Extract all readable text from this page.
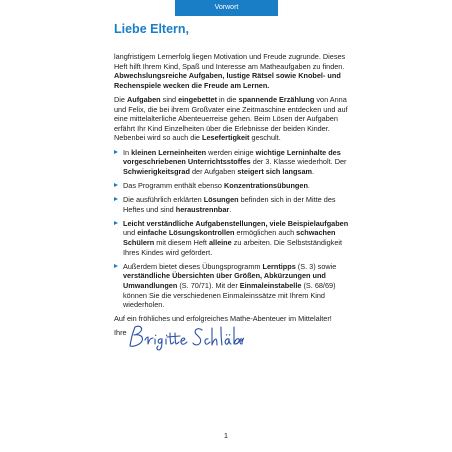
Vorwort
Liebe Eltern,

langfristigem Lernerfolg liegen Motivation und Freude zugrunde. Dieses Heft hilft Ihrem Kind, Spaß und Interesse am Matheaufgaben zu finden. Abwechslungsreiche Aufgaben, lustige Rätsel sowie Knobel- und Rechenspiele wecken die Freude am Lernen.

Die Aufgaben sind eingebettet in die spannende Erzählung von Anna und Felix, die bei ihrem Großvater eine Zeitmaschine entdecken und auf eine mittelalterliche Abenteuerreise gehen. Beim Lösen der Aufgaben erfährt Ihr Kind Einzelheiten über die Erlebnisse der beiden Kinder. Nebenbei wird so auch die Lesefertigkeit geschult.

In kleinen Lerneinheiten werden einige wichtige Lerninhalte des vorgeschriebenen Unterrichtsstoffes der 3. Klasse wiederholt. Der Schwierigkeitsgrad der Aufgaben steigert sich langsam.
Das Programm enthält ebenso Konzentrationsübungen.
Die ausführlich erklärten Lösungen befinden sich in der Mitte des Heftes und sind heraustrennbar.
Leicht verständliche Aufgabenstellungen, viele Beispielaufgaben und einfache Lösungskontrollen ermöglichen auch schwachen Schülern mit diesem Heft alleine zu arbeiten. Die Selbstständigkeit Ihres Kindes wird gefördert.
Außerdem bietet dieses Übungsprogramm Lerntipps (S. 3) sowie verständliche Übersichten über Größen, Abkürzungen und Umwandlungen (S. 70/71). Mit der Einmaleinstabelle (S. 68/69) können Sie die verschiedenen Einmaleinssätze mit Ihrem Kind wiederholen.

Auf ein fröhliches und erfolgreiches Mathe-Abenteuer im Mittelalter!

Ihre
1
